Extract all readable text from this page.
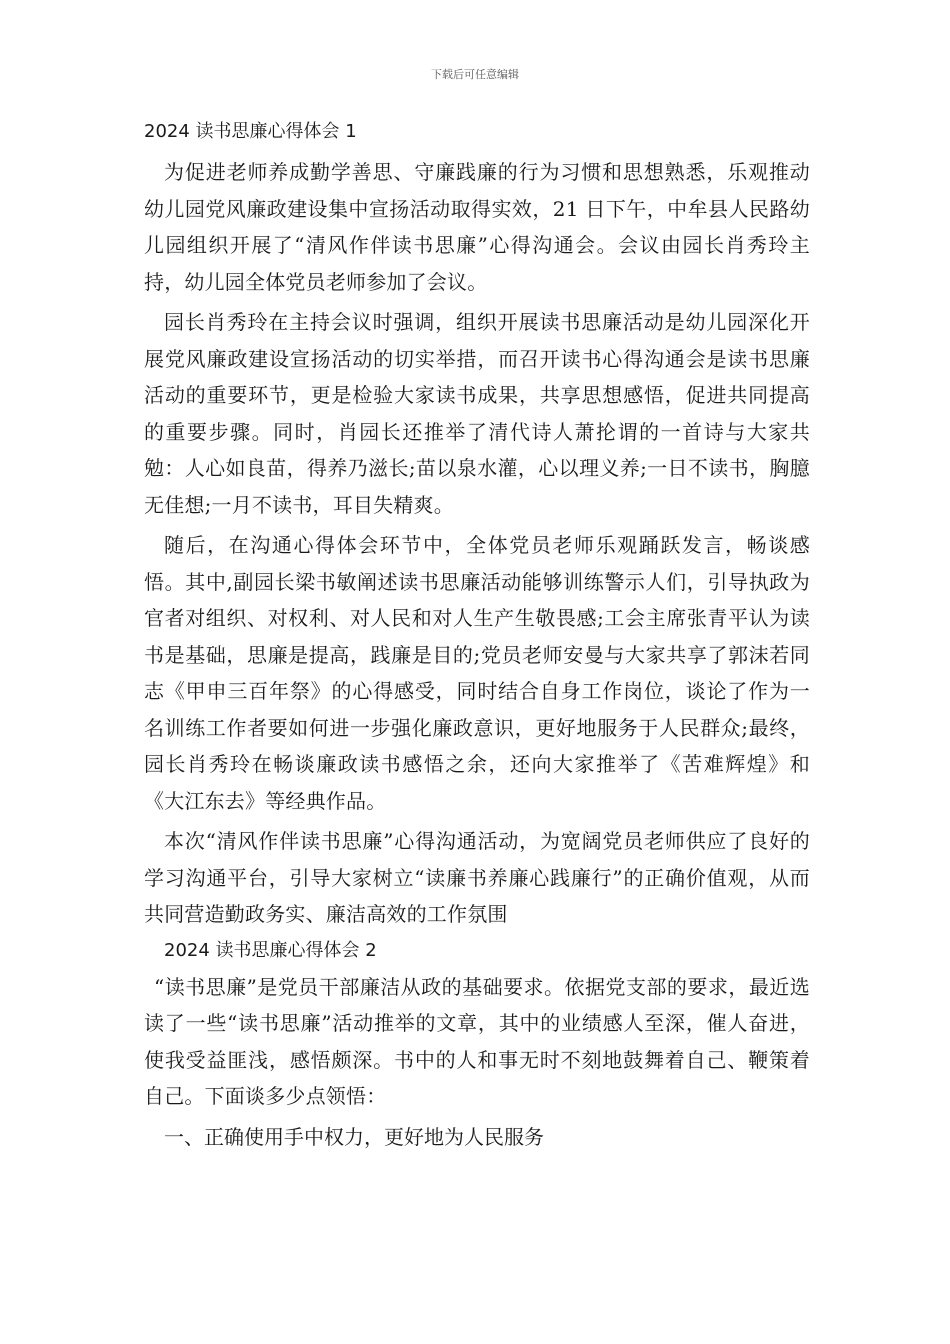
下载后可任意编辑
2024 读书思廉心得体会 1

为促进老师养成勤学善思、守廉践廉的行为习惯和思想熟悉，乐观推动幼儿园党风廉政建设集中宣扬活动取得实效，21 日下午，中牟县人民路幼儿园组织开展了“清风作伴读书思廉”心得沟通会。会议由园长肖秀玲主持，幼儿园全体党员老师参加了会议。

园长肖秀玲在主持会议时强调，组织开展读书思廉活动是幼儿园深化开展党风廉政建设宣扬活动的切实举措，而召开读书心得沟通会是读书思廉活动的重要环节，更是检验大家读书成果，共享思想感悟，促进共同提高的重要步骤。同时，肖园长还推举了清代诗人萧抡谓的一首诗与大家共勉：人心如良苗，得养乃滋长;苗以泉水灌，心以理义养;一日不读书，胸臆无佳想;一月不读书，耳目失精爽。

随后，在沟通心得体会环节中，全体党员老师乐观踊跃发言，畅谈感悟。其中,副园长梁书敏阐述读书思廉活动能够训练警示人们，引导执政为官者对组织、对权利、对人民和对人生产生敬畏感;工会主席张青平认为读书是基础，思廉是提高，践廉是目的;党员老师安曼与大家共享了郭沫若同志《甲申三百年祭》的心得感受，同时结合自身工作岗位，谈论了作为一名训练工作者要如何进一步强化廉政意识，更好地服务于人民群众;最终，园长肖秀玲在畅谈廉政读书感悟之余，还向大家推举了《苦难辉煌》和《大江东去》等经典作品。

本次“清风作伴读书思廉”心得沟通活动，为宽阔党员老师供应了良好的学习沟通平台，引导大家树立“读廉书养廉心践廉行”的正确价值观，从而共同营造勤政务实、廉洁高效的工作氛围

2024 读书思廉心得体会 2

“读书思廉”是党员干部廉洁从政的基础要求。依据党支部的要求，最近选读了一些“读书思廉”活动推举的文章，其中的业绩感人至深，催人奋进，使我受益匪浅，感悟颇深。书中的人和事无时不刻地鼓舞着自己、鞭策着自己。下面谈多少点领悟：

一、正确使用手中权力，更好地为人民服务
